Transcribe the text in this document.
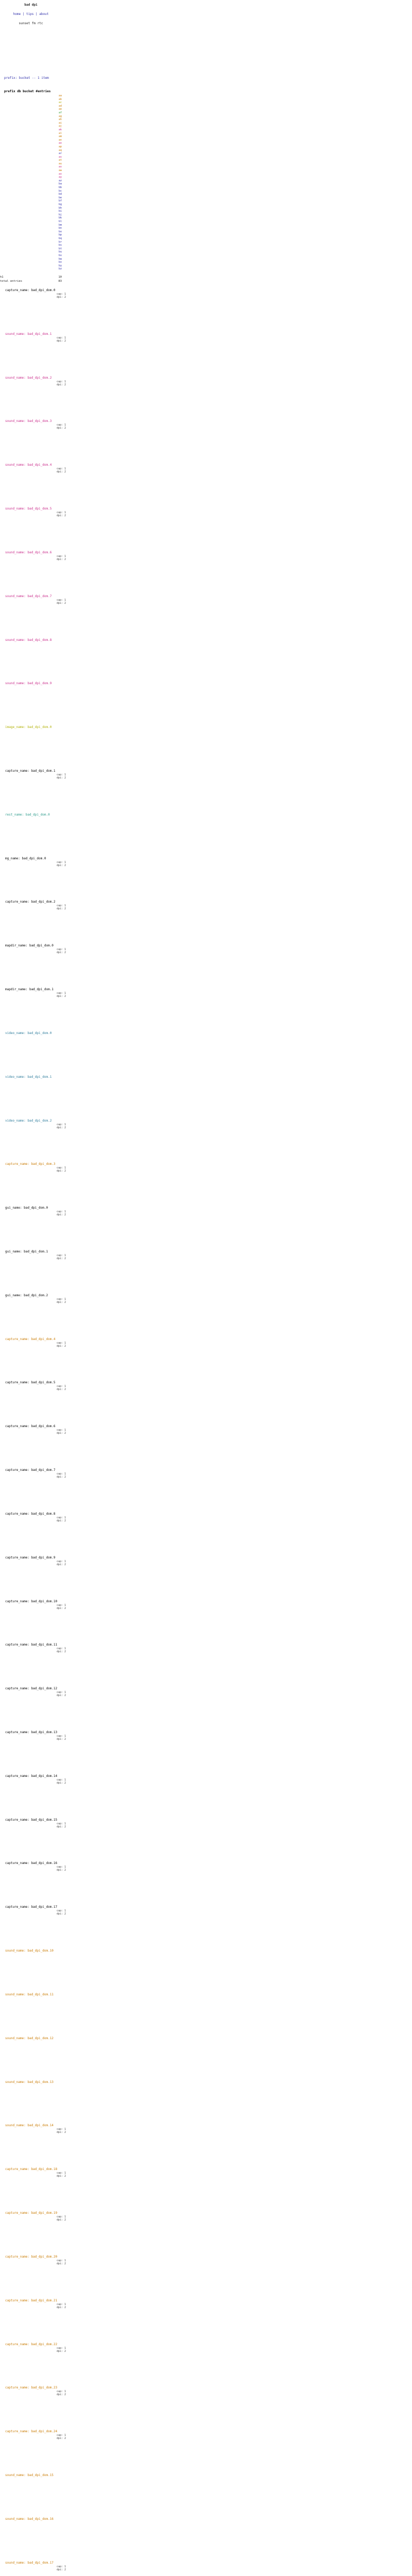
bad dpi
home | tips | about
sunset fm rtc
prefix: bucket -- 1 item
prefix db bucket #entries
aa
ab
ac
ad
ae
af
ag
ah
ai
aj
ak
al
am
an
ao
ap
aq
ar
as
at
au
av
aw
ax
ay
az
ba
bb
bc
bd
be
bf
bg
bh
bi
bj
bk
bl
bm
bn
bo
bp
bq
br
bs
bt
bu
bv
bw
bx
by
bz
h1	10
total entries	83
capture_name: bad_dpi_dom.0
cap: 1
dpi: 2
sound_name: bad_dpi_dom.1
cap: 1
dpi: 2
sound_name: bad_dpi_dom.2
cap: 1
dpi: 2
sound_name: bad_dpi_dom.3
cap: 1
dpi: 2
sound_name: bad_dpi_dom.4
cap: 1
dpi: 2
sound_name: bad_dpi_dom.5
cap: 1
dpi: 2
sound_name: bad_dpi_dom.6
cap: 1
dpi: 2
sound_name: bad_dpi_dom.7
cap: 1
dpi: 2
sound_name: bad_dpi_dom.8
sound_name: bad_dpi_dom.9
image_name: bad_dpi_dom.0
capture_name: bad_dpi_dom.1
cap: 1
dpi: 2
rest_name: bad_dpi_dom.0
mg_name: bad_dpi_dom.0
cap: 1
dpi: 2
capture_name: bad_dpi_dom.2
cap: 1
dpi: 2
mapdir_name: bad_dpi_dom.0
cap: 1
dpi: 2
mapdir_name: bad_dpi_dom.1
cap: 1
dpi: 2
video_name: bad_dpi_dom.0
video_name: bad_dpi_dom.1
video_name: bad_dpi_dom.2
cap: 1
dpi: 2
capture_name: bad_dpi_dom.3
cap: 1
dpi: 2
gui_name: bad_dpi_dom.0
cap: 1
dpi: 2
gui_name: bad_dpi_dom.1
cap: 1
dpi: 2
gui_name: bad_dpi_dom.2
cap: 1
dpi: 2
capture_name: bad_dpi_dom.4
cap: 1
dpi: 2
capture_name: bad_dpi_dom.5
cap: 1
dpi: 2
capture_name: bad_dpi_dom.6
cap: 1
dpi: 2
capture_name: bad_dpi_dom.7
cap: 1
dpi: 2
capture_name: bad_dpi_dom.8
cap: 1
dpi: 2
capture_name: bad_dpi_dom.9
cap: 1
dpi: 2
capture_name: bad_dpi_dom.10
cap: 1
dpi: 2
capture_name: bad_dpi_dom.11
cap: 1
dpi: 2
capture_name: bad_dpi_dom.12
cap: 1
dpi: 2
capture_name: bad_dpi_dom.13
cap: 1
dpi: 2
capture_name: bad_dpi_dom.14
cap: 1
dpi: 2
capture_name: bad_dpi_dom.15
cap: 1
dpi: 2
capture_name: bad_dpi_dom.16
cap: 1
dpi: 2
capture_name: bad_dpi_dom.17
cap: 1
dpi: 2
sound_name: bad_dpi_dom.10
sound_name: bad_dpi_dom.11
sound_name: bad_dpi_dom.12
sound_name: bad_dpi_dom.13
sound_name: bad_dpi_dom.14
cap: 1
dpi: 2
capture_name: bad_dpi_dom.18
cap: 1
dpi: 2
capture_name: bad_dpi_dom.19
cap: 1
dpi: 2
capture_name: bad_dpi_dom.20
cap: 1
dpi: 2
capture_name: bad_dpi_dom.21
cap: 1
dpi: 2
capture_name: bad_dpi_dom.22
cap: 1
dpi: 2
capture_name: bad_dpi_dom.23
cap: 1
dpi: 2
capture_name: bad_dpi_dom.24
cap: 1
dpi: 2
sound_name: bad_dpi_dom.15
sound_name: bad_dpi_dom.16
sound_name: bad_dpi_dom.17
cap: 1
dpi: 2
